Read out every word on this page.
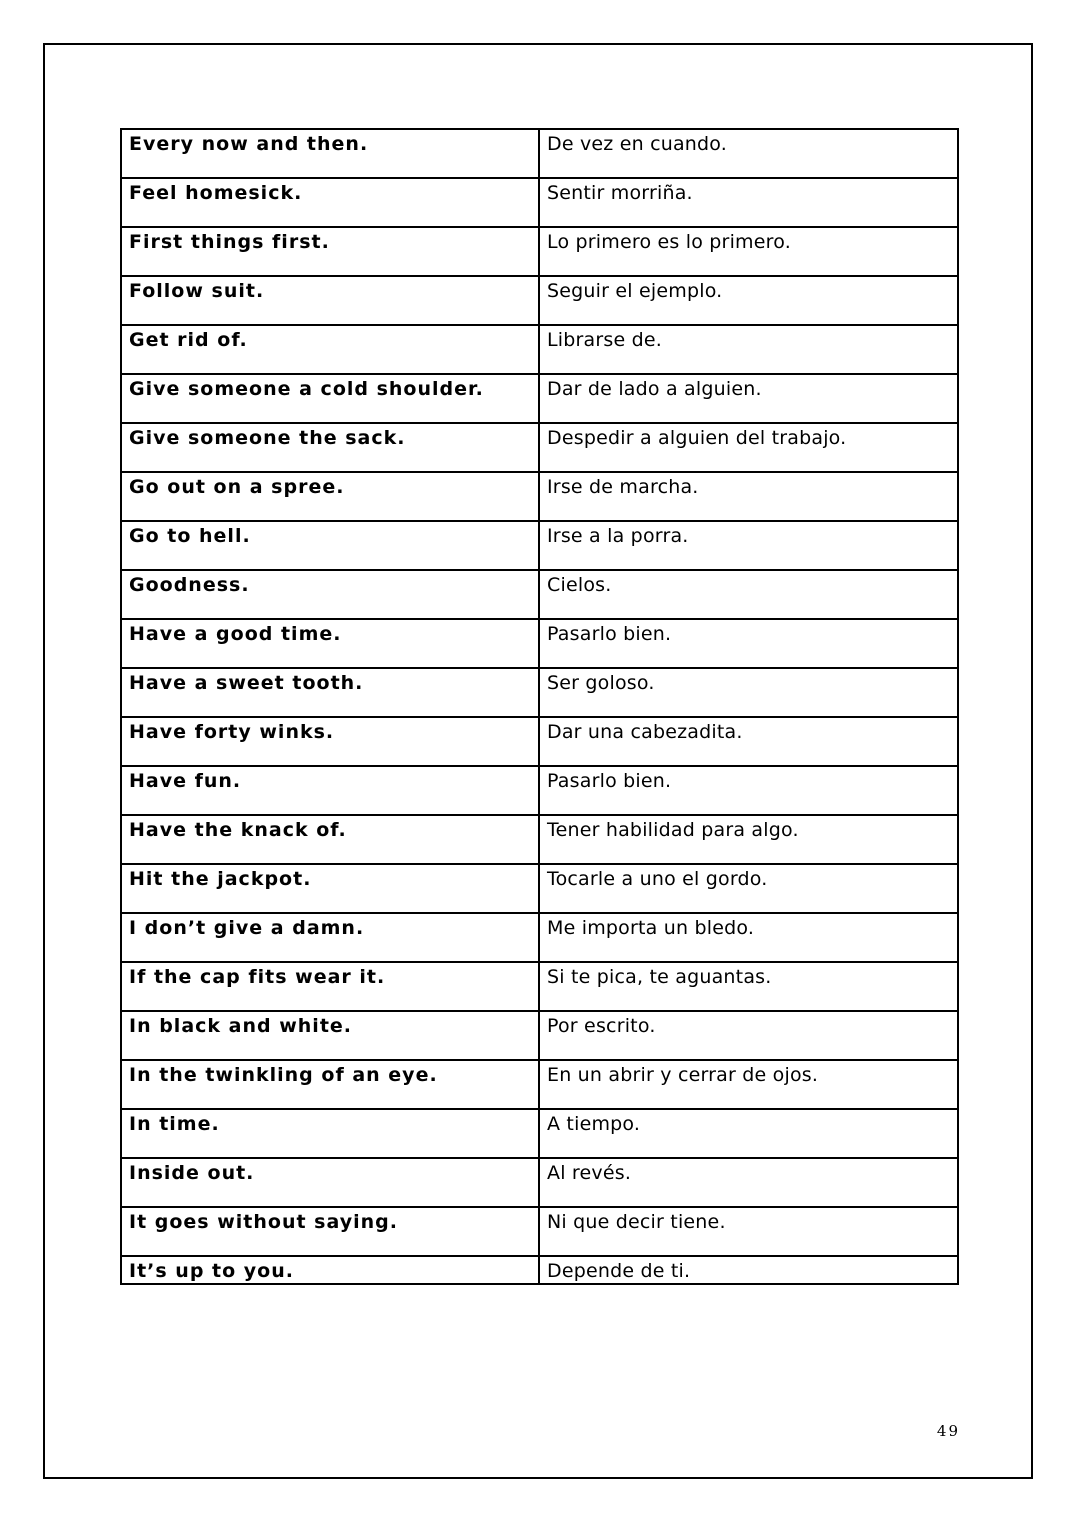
Every now and then.	De vez en cuando.
Feel homesick.	Sentir morriña.
First things first.	Lo primero es lo primero.
Follow suit.	Seguir el ejemplo.
Get rid of.	Librarse de.
Give someone a cold shoulder.	Dar de lado a alguien.
Give someone the sack.	Despedir a alguien del trabajo.
Go out on a spree.	Irse de marcha.
Go to hell.	Irse a la porra.
Goodness.	Cielos.
Have a good time.	Pasarlo bien.
Have a sweet tooth.	Ser goloso.
Have forty winks.	Dar una cabezadita.
Have fun.	Pasarlo bien.
Have the knack of.	Tener habilidad para algo.
Hit the jackpot.	Tocarle a uno el gordo.
I don’t give a damn.	Me importa un bledo.
If the cap fits wear it.	Si te pica, te aguantas.
In black and white.	Por escrito.
In the twinkling of an eye.	En un abrir y cerrar de ojos.
In time.	A tiempo.
Inside out.	Al revés.
It goes without saying.	Ni que decir tiene.
It’s up to you.	Depende de ti.
49
